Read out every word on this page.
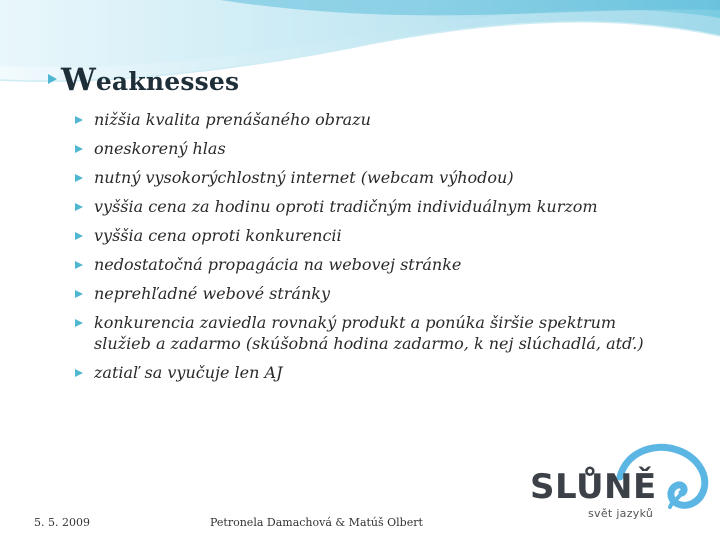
W eaknesses
nižšia kvalita prenášaného obrazu
oneskorený hlas
nutný vysokorýchlostný internet (webcam výhodou)
vyššia cena za hodinu oproti tradičným individuálnym kurzom
vyššia cena oproti konkurencii
nedostatočná propagácia na webovej stránke
neprehľadné webové stránky
konkurencia zaviedla rovnaký produkt a ponúka širšie spektrum služieb a zadarmo (skúšobná hodina zadarmo, k nej slúchadlá, atď.)
zatiaľ sa vyučuje len AJ
5. 5. 2009	Petronela Damachová & Matúš Olbert
SLŮNĚ
svět jazyků
